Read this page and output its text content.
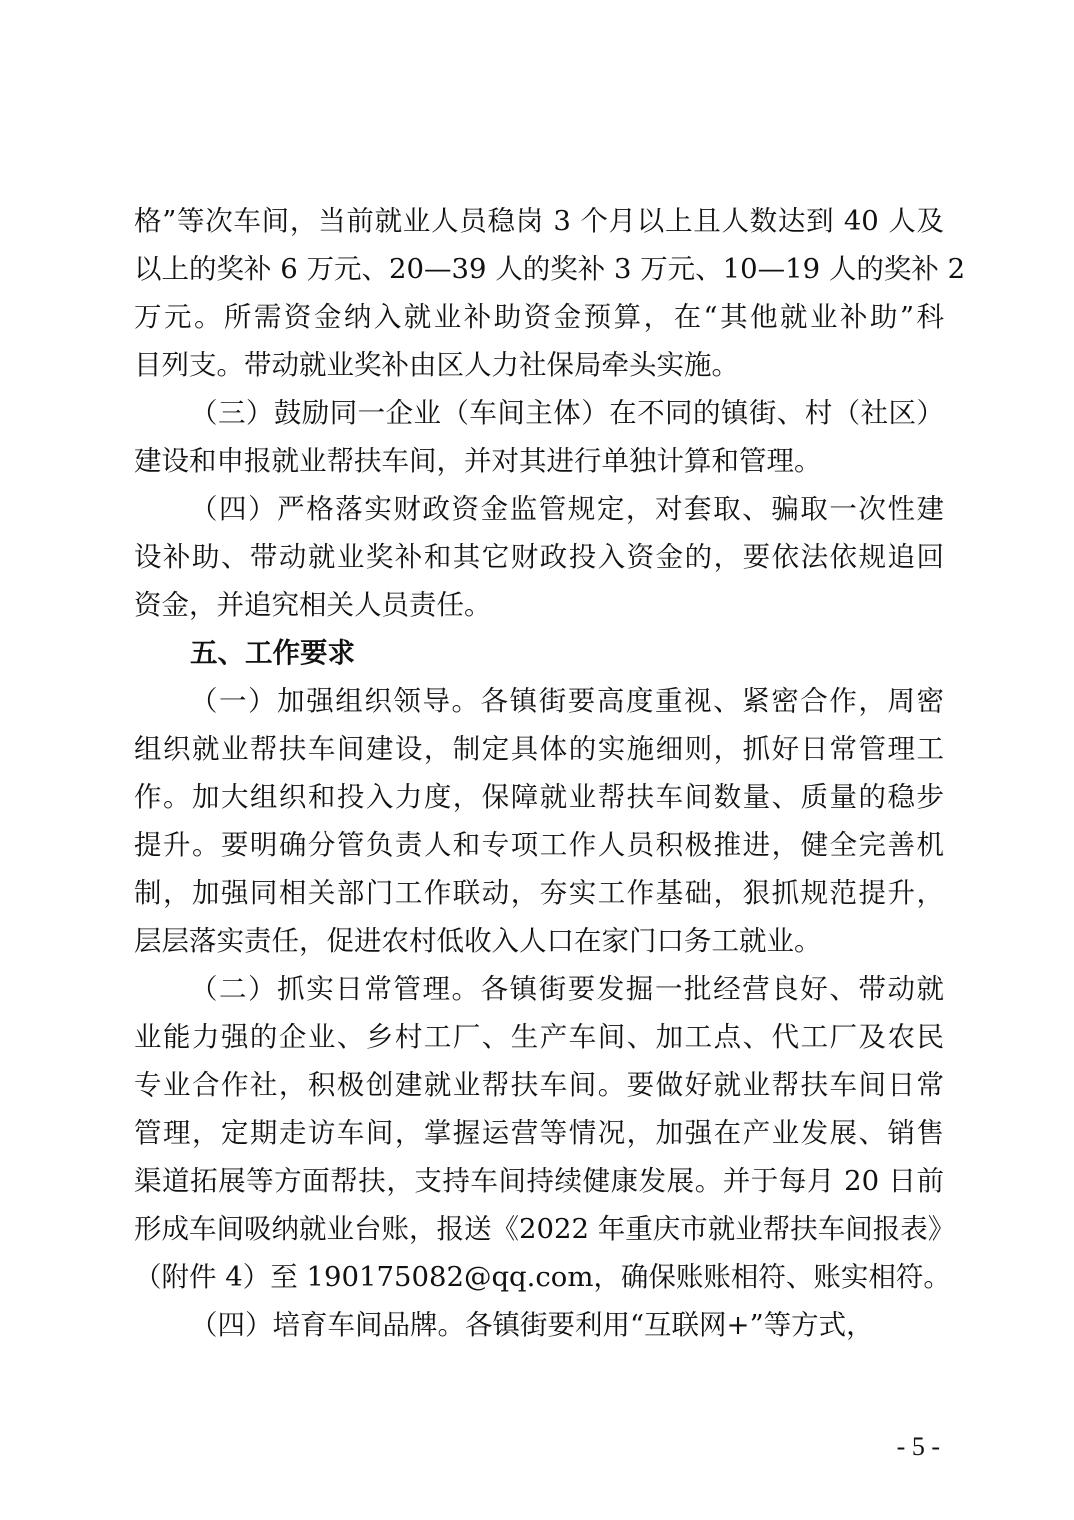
格”等次车间，当前就业人员稳岗 3 个月以上且人数达到 40 人及
以上的奖补 6 万元、20—39 人的奖补 3 万元、10—19 人的奖补 2
万元。所需资金纳入就业补助资金预算，在“其他就业补助”科
目列支。带动就业奖补由区人力社保局牵头实施。
（三）鼓励同一企业（车间主体）在不同的镇街、村（社区）
建设和申报就业帮扶车间，并对其进行单独计算和管理。
（四）严格落实财政资金监管规定，对套取、骗取一次性建
设补助、带动就业奖补和其它财政投入资金的，要依法依规追回
资金，并追究相关人员责任。
五、工作要求
（一）加强组织领导。各镇街要高度重视、紧密合作，周密
组织就业帮扶车间建设，制定具体的实施细则，抓好日常管理工
作。加大组织和投入力度，保障就业帮扶车间数量、质量的稳步
提升。要明确分管负责人和专项工作人员积极推进，健全完善机
制，加强同相关部门工作联动，夯实工作基础，狠抓规范提升，
层层落实责任，促进农村低收入人口在家门口务工就业。
（二）抓实日常管理。各镇街要发掘一批经营良好、带动就
业能力强的企业、乡村工厂、生产车间、加工点、代工厂及农民
专业合作社，积极创建就业帮扶车间。要做好就业帮扶车间日常
管理，定期走访车间，掌握运营等情况，加强在产业发展、销售
渠道拓展等方面帮扶，支持车间持续健康发展。并于每月 20 日前
形成车间吸纳就业台账，报送《2022 年重庆市就业帮扶车间报表》
（附件 4）至 190175082@qq.com，确保账账相符、账实相符。
（四）培育车间品牌。各镇街要利用“互联网+”等方式，
- 5 -
